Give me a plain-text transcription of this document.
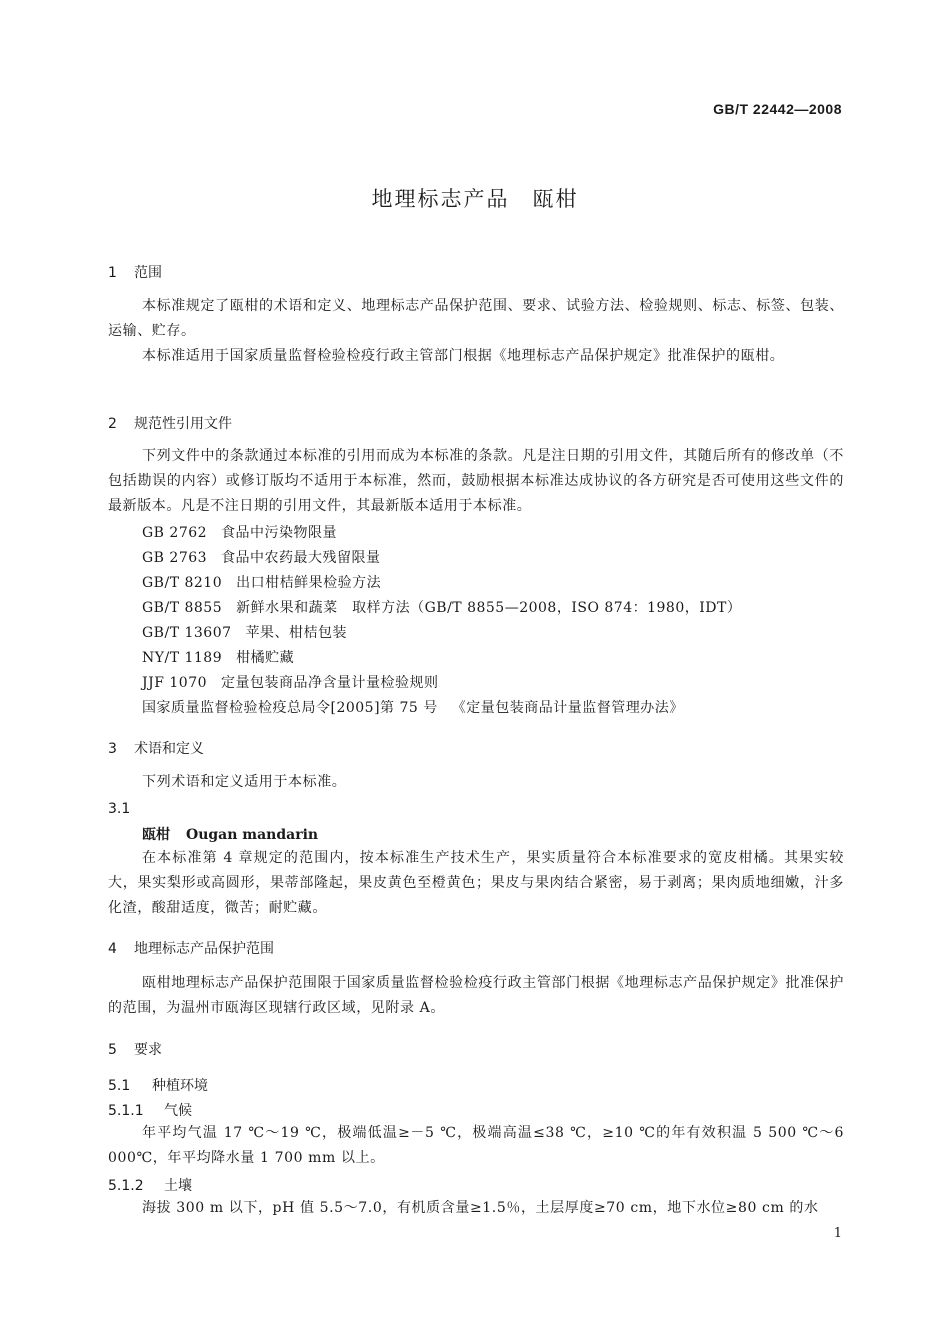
GB/T 22442—2008
地理标志产品　瓯柑
1 范围
本标准规定了瓯柑的术语和定义、地理标志产品保护范围、要求、试验方法、检验规则、标志、标签、包装、运输、贮存。
本标准适用于国家质量监督检验检疫行政主管部门根据《地理标志产品保护规定》批准保护的瓯柑。
2 规范性引用文件
下列文件中的条款通过本标准的引用而成为本标准的条款。凡是注日期的引用文件，其随后所有的修改单（不包括勘误的内容）或修订版均不适用于本标准，然而，鼓励根据本标准达成协议的各方研究是否可使用这些文件的最新版本。凡是不注日期的引用文件，其最新版本适用于本标准。
GB 2762 食品中污染物限量
GB 2763 食品中农药最大残留限量
GB/T 8210 出口柑桔鲜果检验方法
GB/T 8855 新鲜水果和蔬菜　取样方法（GB/T 8855—2008，ISO 874：1980，IDT）
GB/T 13607 苹果、柑桔包装
NY/T 1189 柑橘贮藏
JJF 1070 定量包装商品净含量计量检验规则
国家质量监督检验检疫总局令[2005]第 75 号 《定量包装商品计量监督管理办法》
3 术语和定义
下列术语和定义适用于本标准。
3.1
瓯柑 Ougan mandarin
在本标准第 4 章规定的范围内，按本标准生产技术生产，果实质量符合本标准要求的宽皮柑橘。其果实较大，果实梨形或高圆形，果蒂部隆起，果皮黄色至橙黄色；果皮与果肉结合紧密，易于剥离；果肉质地细嫩，汁多化渣，酸甜适度，微苦；耐贮藏。
4 地理标志产品保护范围
瓯柑地理标志产品保护范围限于国家质量监督检验检疫行政主管部门根据《地理标志产品保护规定》批准保护的范围，为温州市瓯海区现辖行政区域，见附录 A。
5 要求
5.1 种植环境
5.1.1 气候
年平均气温 17 ℃～19 ℃，极端低温≥－5 ℃，极端高温≤38 ℃，≥10 ℃的年有效积温 5 500 ℃～6 000℃，年平均降水量 1 700 mm 以上。
5.1.2 土壤
海拔 300 m 以下，pH 值 5.5～7.0，有机质含量≥1.5％，土层厚度≥70 cm，地下水位≥80 cm 的水
1
